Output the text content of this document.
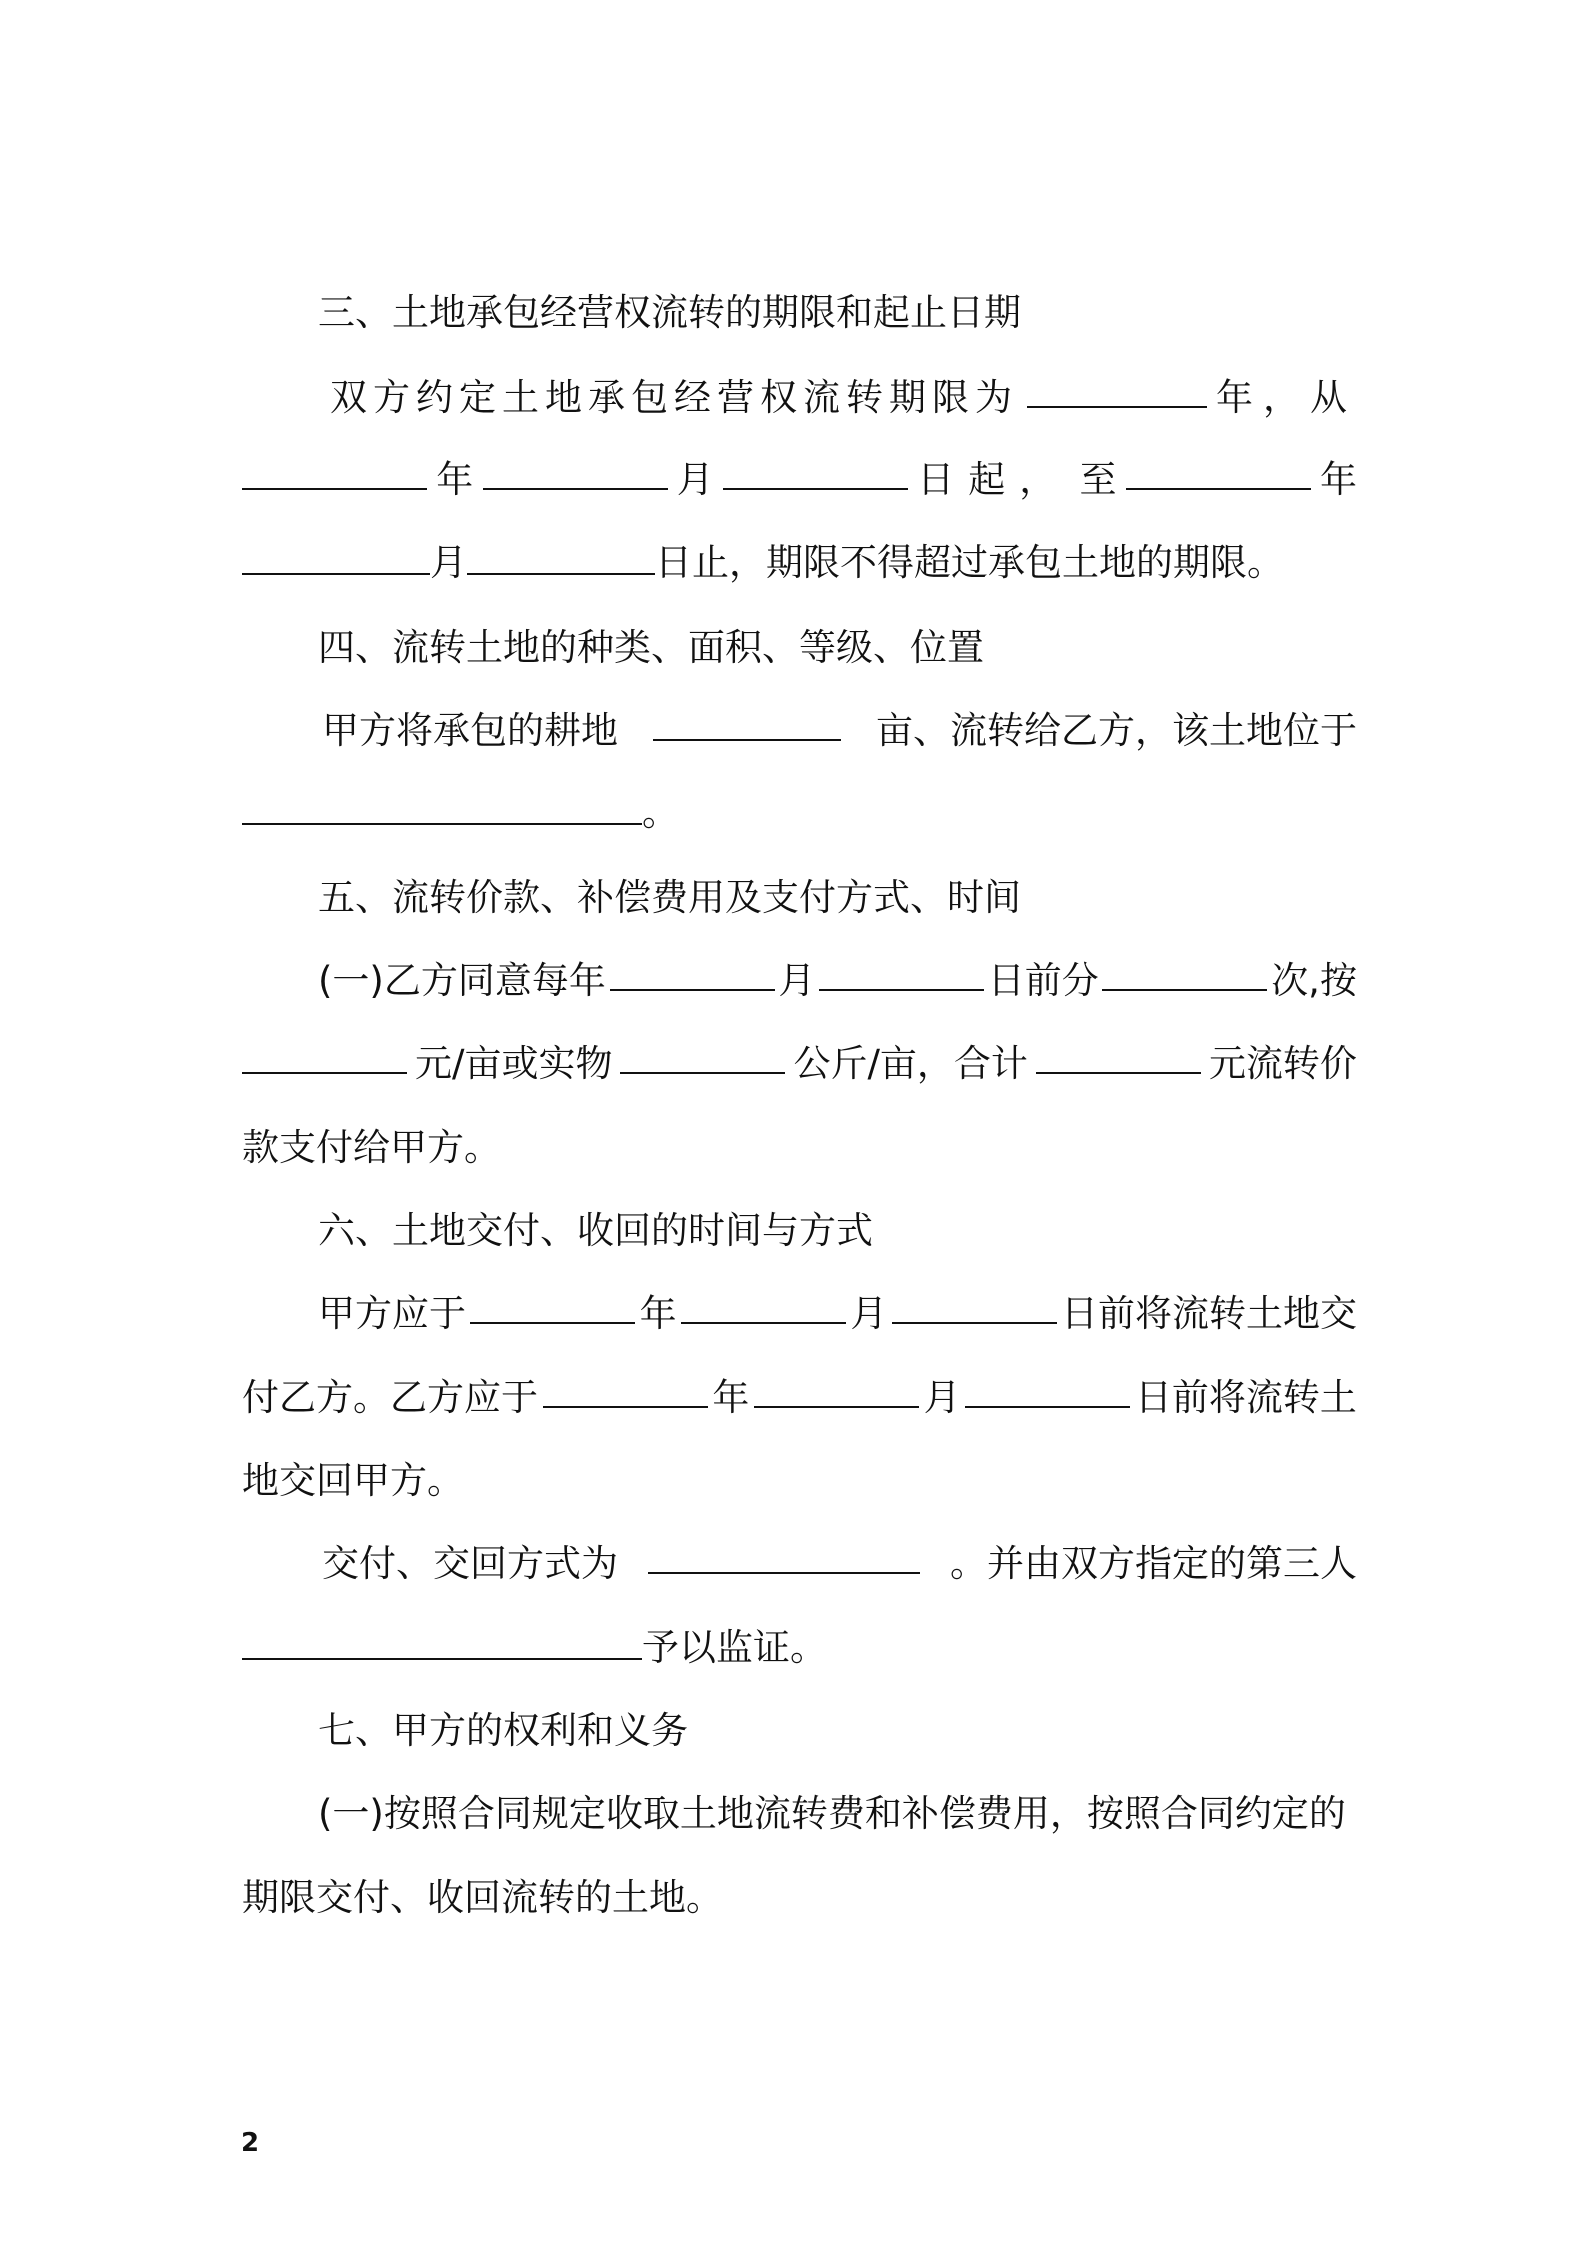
三、土地承包经营权流转的期限和起止日期
双方约定土地承包经营权流转期限为	年，从
年	月	日起， 至	年
月	日止，期限不得超过承包土地的期限。
四、流转土地的种类、面积、等级、位置
甲方将承包的耕地	亩、流转给乙方，该土地位于
。
五、流转价款、补偿费用及支付方式、时间
(一)乙方同意每年	月	日前分	次,按
元/亩或实物	公斤/亩，合计	元流转价
款支付给甲方。
六、土地交付、收回的时间与方式
甲方应于	年	月	日前将流转土地交
付乙方。乙方应于	年	月	日前将流转土
地交回甲方。
交付、交回方式为	。并由双方指定的第三人
予以监证。
七、甲方的权利和义务
(一)按照合同规定收取土地流转费和补偿费用，按照合同约定的
期限交付、收回流转的土地。
2
